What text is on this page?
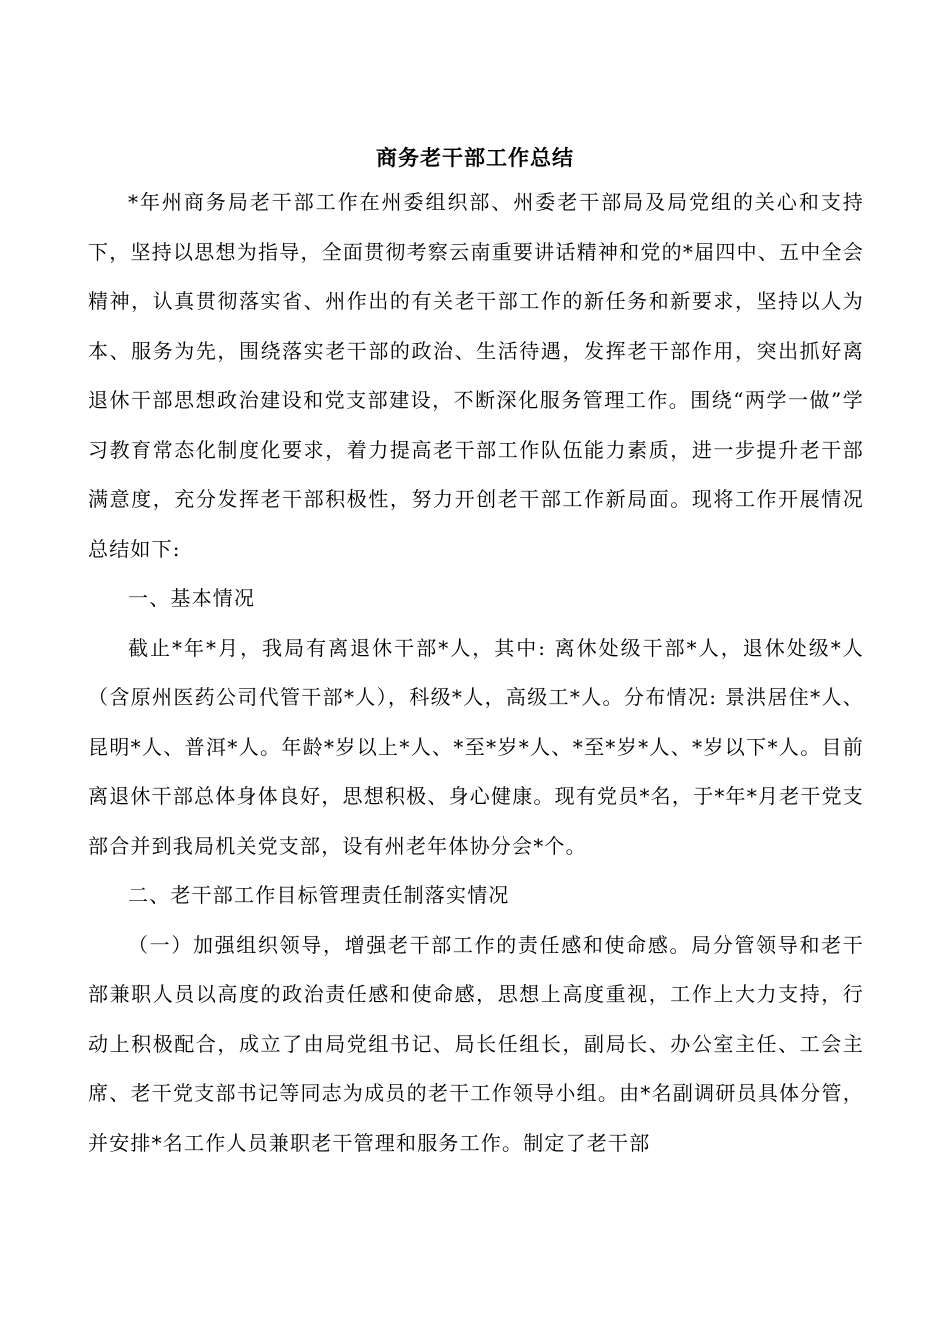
商务老干部工作总结

*年州商务局老干部工作在州委组织部、州委老干部局及局党组的关心和支持下，坚持以思想为指导，全面贯彻考察云南重要讲话精神和党的*届四中、五中全会精神，认真贯彻落实省、州作出的有关老干部工作的新任务和新要求，坚持以人为本、服务为先，围绕落实老干部的政治、生活待遇，发挥老干部作用，突出抓好离退休干部思想政治建设和党支部建设，不断深化服务管理工作。围绕“两学一做”学习教育常态化制度化要求，着力提高老干部工作队伍能力素质，进一步提升老干部满意度，充分发挥老干部积极性，努力开创老干部工作新局面。现将工作开展情况总结如下:

一、基本情况

截止*年*月，我局有离退休干部*人，其中: 离休处级干部*人，退休处级*人（含原州医药公司代管干部*人），科级*人，高级工*人。分布情况: 景洪居住*人、昆明*人、普洱*人。年龄*岁以上*人、*至*岁*人、*至*岁*人、*岁以下*人。目前离退休干部总体身体良好，思想积极、身心健康。现有党员*名，于*年*月老干党支部合并到我局机关党支部，设有州老年体协分会*个。

二、老干部工作目标管理责任制落实情况

（一）加强组织领导，增强老干部工作的责任感和使命感。局分管领导和老干部兼职人员以高度的政治责任感和使命感，思想上高度重视，工作上大力支持，行动上积极配合，成立了由局党组书记、局长任组长，副局长、办公室主任、工会主席、老干党支部书记等同志为成员的老干工作领导小组。由*名副调研员具体分管，并安排*名工作人员兼职老干管理和服务工作。制定了老干部
